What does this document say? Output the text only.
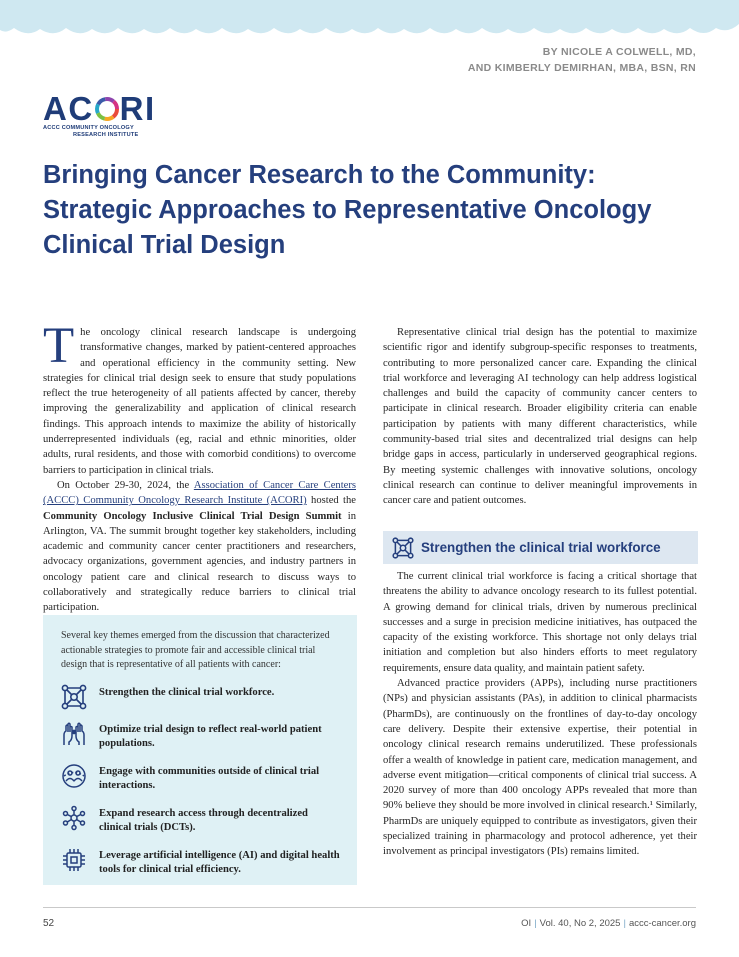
BY NICOLE A COLWELL, MD,
AND KIMBERLY DEMIRHAN, MBA, BSN, RN
AC RI
ACCC COMMUNITY ONCOLOGY
RESEARCH INSTITUTE
Bringing Cancer Research to the Community:
Strategic Approaches to Representative Oncology
Clinical Trial Design

The oncology clinical research landscape is undergoing transformative changes, marked by patient-centered approaches and operational efficiency in the community setting. New strategies for clinical trial design seek to ensure that study populations reflect the true heterogeneity of all patients affected by cancer, thereby improving the generalizability and application of clinical research findings. This approach intends to maximize the ability of historically underrepresented individuals (eg, racial and ethnic minorities, older adults, rural residents, and those with comorbid conditions) to overcome barriers to participation in clinical trials.

On October 29-30, 2024, the Association of Cancer Care Centers (ACCC) Community Oncology Research Institute (ACORI) hosted the Community Oncology Inclusive Clinical Trial Design Summit in Arlington, VA. The summit brought together key stakeholders, including academic and community cancer center practitioners and researchers, advocacy organizations, government agencies, and industry partners in oncology patient care and clinical research to discuss ways to collaboratively and strategically reduce barriers to clinical trial participation.

Several key themes emerged from the discussion that characterized actionable strategies to promote fair and accessible clinical trial design that is representative of all patients with cancer:
Strengthen the clinical trial workforce.
Optimize trial design to reflect real-world patient populations.
Engage with communities outside of clinical trial interactions.
Expand research access through decentralized clinical trials (DCTs).
Leverage artificial intelligence (AI) and digital health tools for clinical trial efficiency.

Representative clinical trial design has the potential to maximize scientific rigor and identify subgroup-specific responses to treatments, contributing to more personalized cancer care. Expanding the clinical trial workforce and leveraging AI technology can help address logistical challenges and build the capacity of community cancer centers to participate in clinical research. Broader eligibility criteria can enable participation by patients with many different characteristics, while community-based trial sites and decentralized trial designs can help bridge gaps in access, particularly in underserved geographical regions. By meeting systemic challenges with innovative solutions, oncology clinical research can continue to deliver meaningful improvements in cancer care and patient outcomes.

Strengthen the clinical trial workforce

The current clinical trial workforce is facing a critical shortage that threatens the ability to advance oncology research to its fullest potential. A growing demand for clinical trials, driven by numerous preclinical successes and a surge in precision medicine initiatives, has outpaced the capacity of the existing workforce. This shortage not only delays trial initiation and completion but also hinders efforts to meet regulatory requirements, ensure data quality, and maintain patient safety.

Advanced practice providers (APPs), including nurse practitioners (NPs) and physician assistants (PAs), in addition to clinical pharmacists (PharmDs), are continuously on the frontlines of day-to-day oncology care delivery. Despite their extensive expertise, their potential in oncology clinical research remains underutilized. These professionals offer a wealth of knowledge in patient care, medication management, and adverse event mitigation—critical components of clinical trial success. A 2020 survey of more than 400 oncology APPs revealed that more than 90% believe they should be more involved in clinical research.¹ Similarly, PharmDs are uniquely equipped to contribute as investigators, given their specialized training in pharmacology and protocol adherence, yet their involvement as principal investigators (PIs) remains limited.

52	OI | Vol. 40, No 2, 2025 | accc-cancer.org
